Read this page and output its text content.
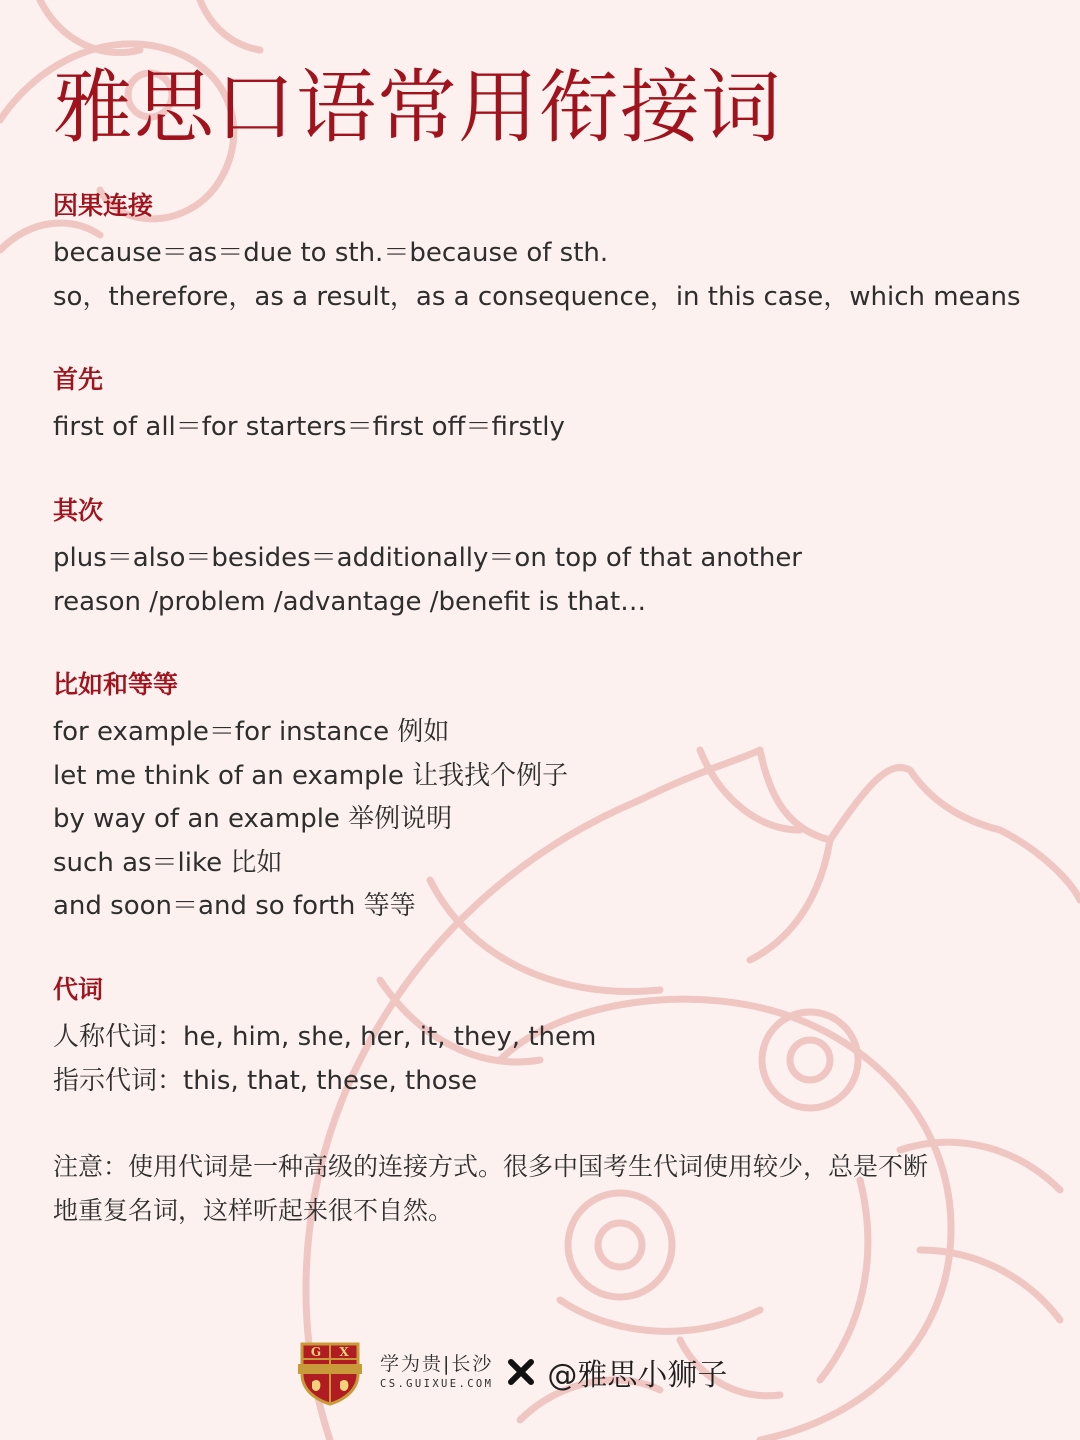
雅思口语常用衔接词

因果连接

because＝as＝due to sth.＝because of sth.

so，therefore，as a result，as a consequence，in this case，which means

首先

first of all＝for starters＝first off＝firstly

其次

plus＝also＝besides＝additionally＝on top of that another

reason /problem /advantage /benefit is that…

比如和等等

for example＝for instance 例如

let me think of an example 让我找个例子

by way of an example 举例说明

such as＝like 比如

and soon＝and so forth 等等

代词

人称代词：he, him, she, her, it, they, them

指示代词：this, that, these, those

注意：使用代词是一种高级的连接方式。很多中国考生代词使用较少，总是不断

地重复名词，这样听起来很不自然。

G X
学为贵|长沙
CS.GUIXUE.COM @雅思小狮子
